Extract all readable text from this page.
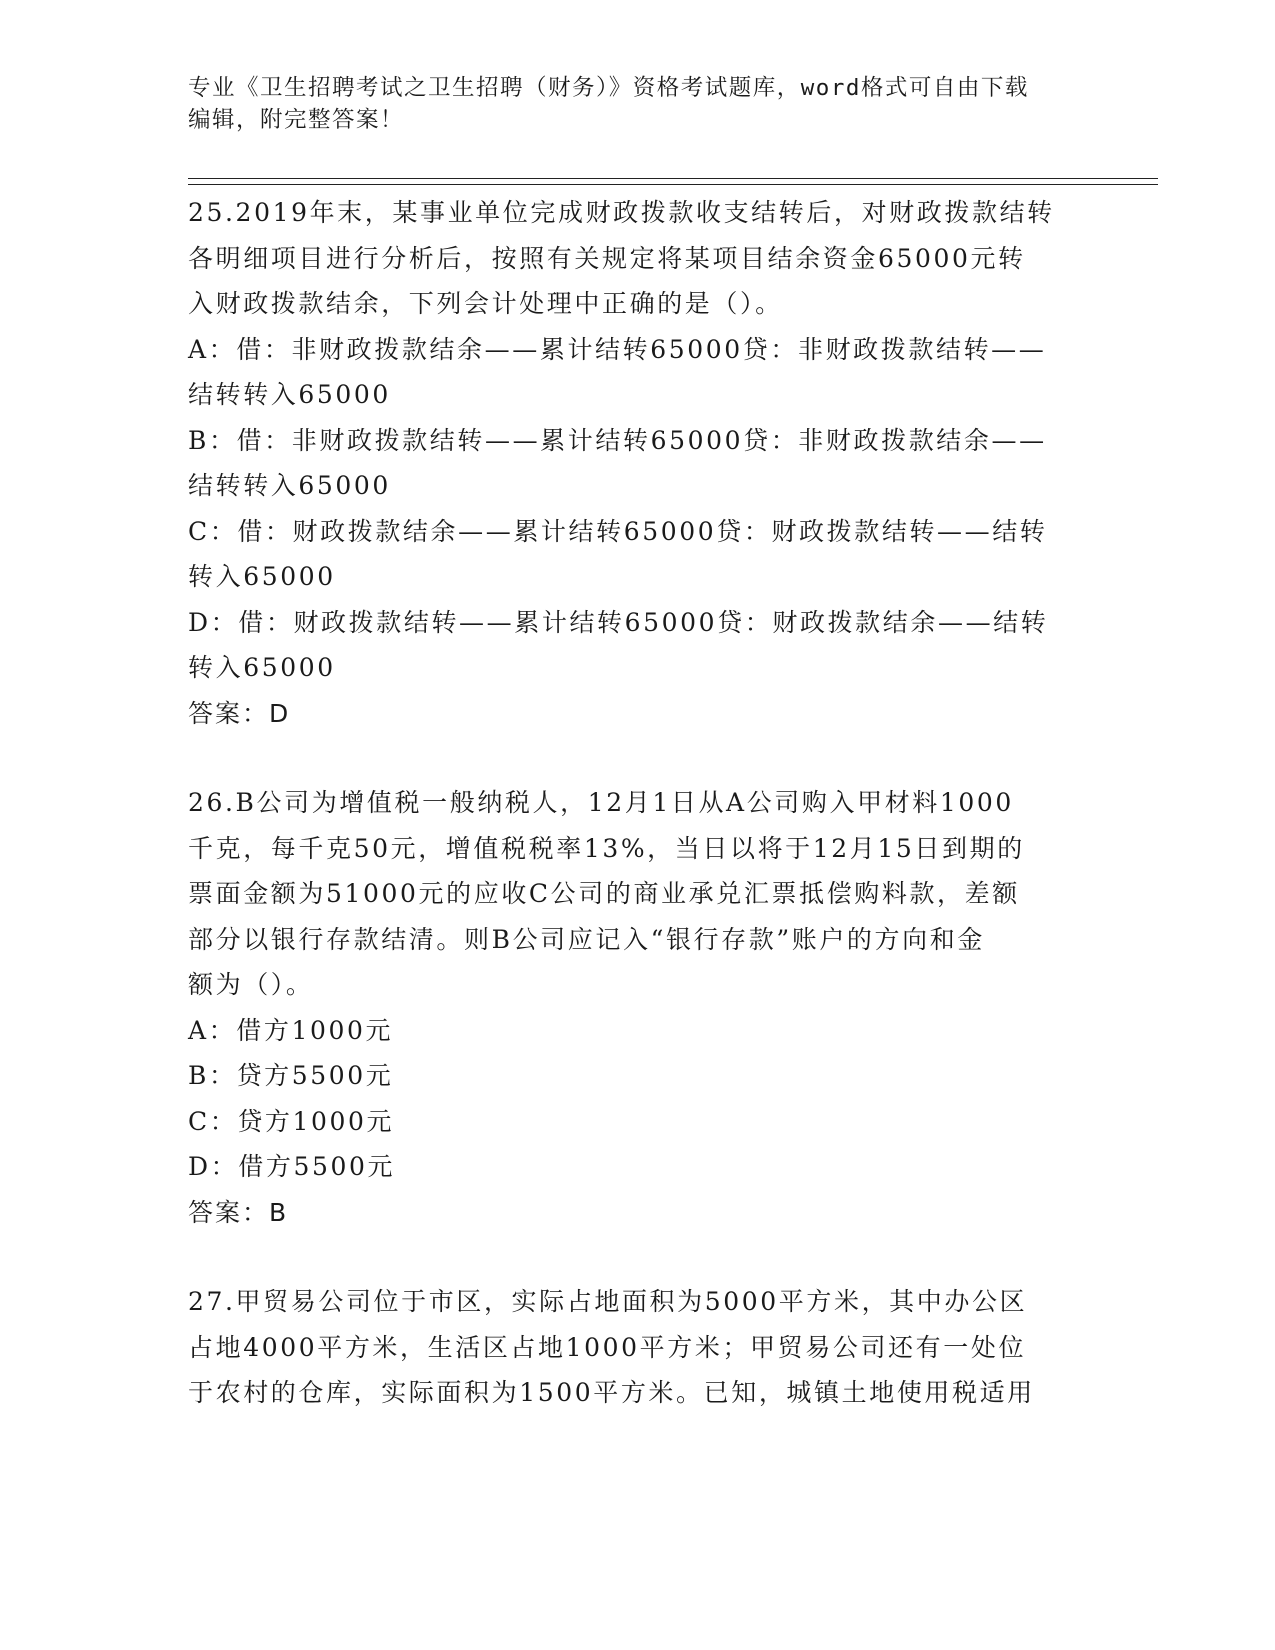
专业《卫生招聘考试之卫生招聘（财务）》资格考试题库，word格式可自由下载
编辑，附完整答案！
25.2019年末，某事业单位完成财政拨款收支结转后，对财政拨款结转
各明细项目进行分析后，按照有关规定将某项目结余资金65000元转
入财政拨款结余，下列会计处理中正确的是（）。
A：借：非财政拨款结余——累计结转65000贷：非财政拨款结转——
结转转入65000
B：借：非财政拨款结转——累计结转65000贷：非财政拨款结余——
结转转入65000
C：借：财政拨款结余——累计结转65000贷：财政拨款结转——结转
转入65000
D：借：财政拨款结转——累计结转65000贷：财政拨款结余——结转
转入65000
答案：D
26.B公司为增值税一般纳税人，12月1日从A公司购入甲材料1000
千克，每千克50元，增值税税率13%，当日以将于12月15日到期的
票面金额为51000元的应收C公司的商业承兑汇票抵偿购料款，差额
部分以银行存款结清。则B公司应记入“银行存款”账户的方向和金
额为（）。
A：借方1000元
B：贷方5500元
C：贷方1000元
D：借方5500元
答案：B
27.甲贸易公司位于市区，实际占地面积为5000平方米，其中办公区
占地4000平方米，生活区占地1000平方米；甲贸易公司还有一处位
于农村的仓库，实际面积为1500平方米。已知，城镇土地使用税适用
